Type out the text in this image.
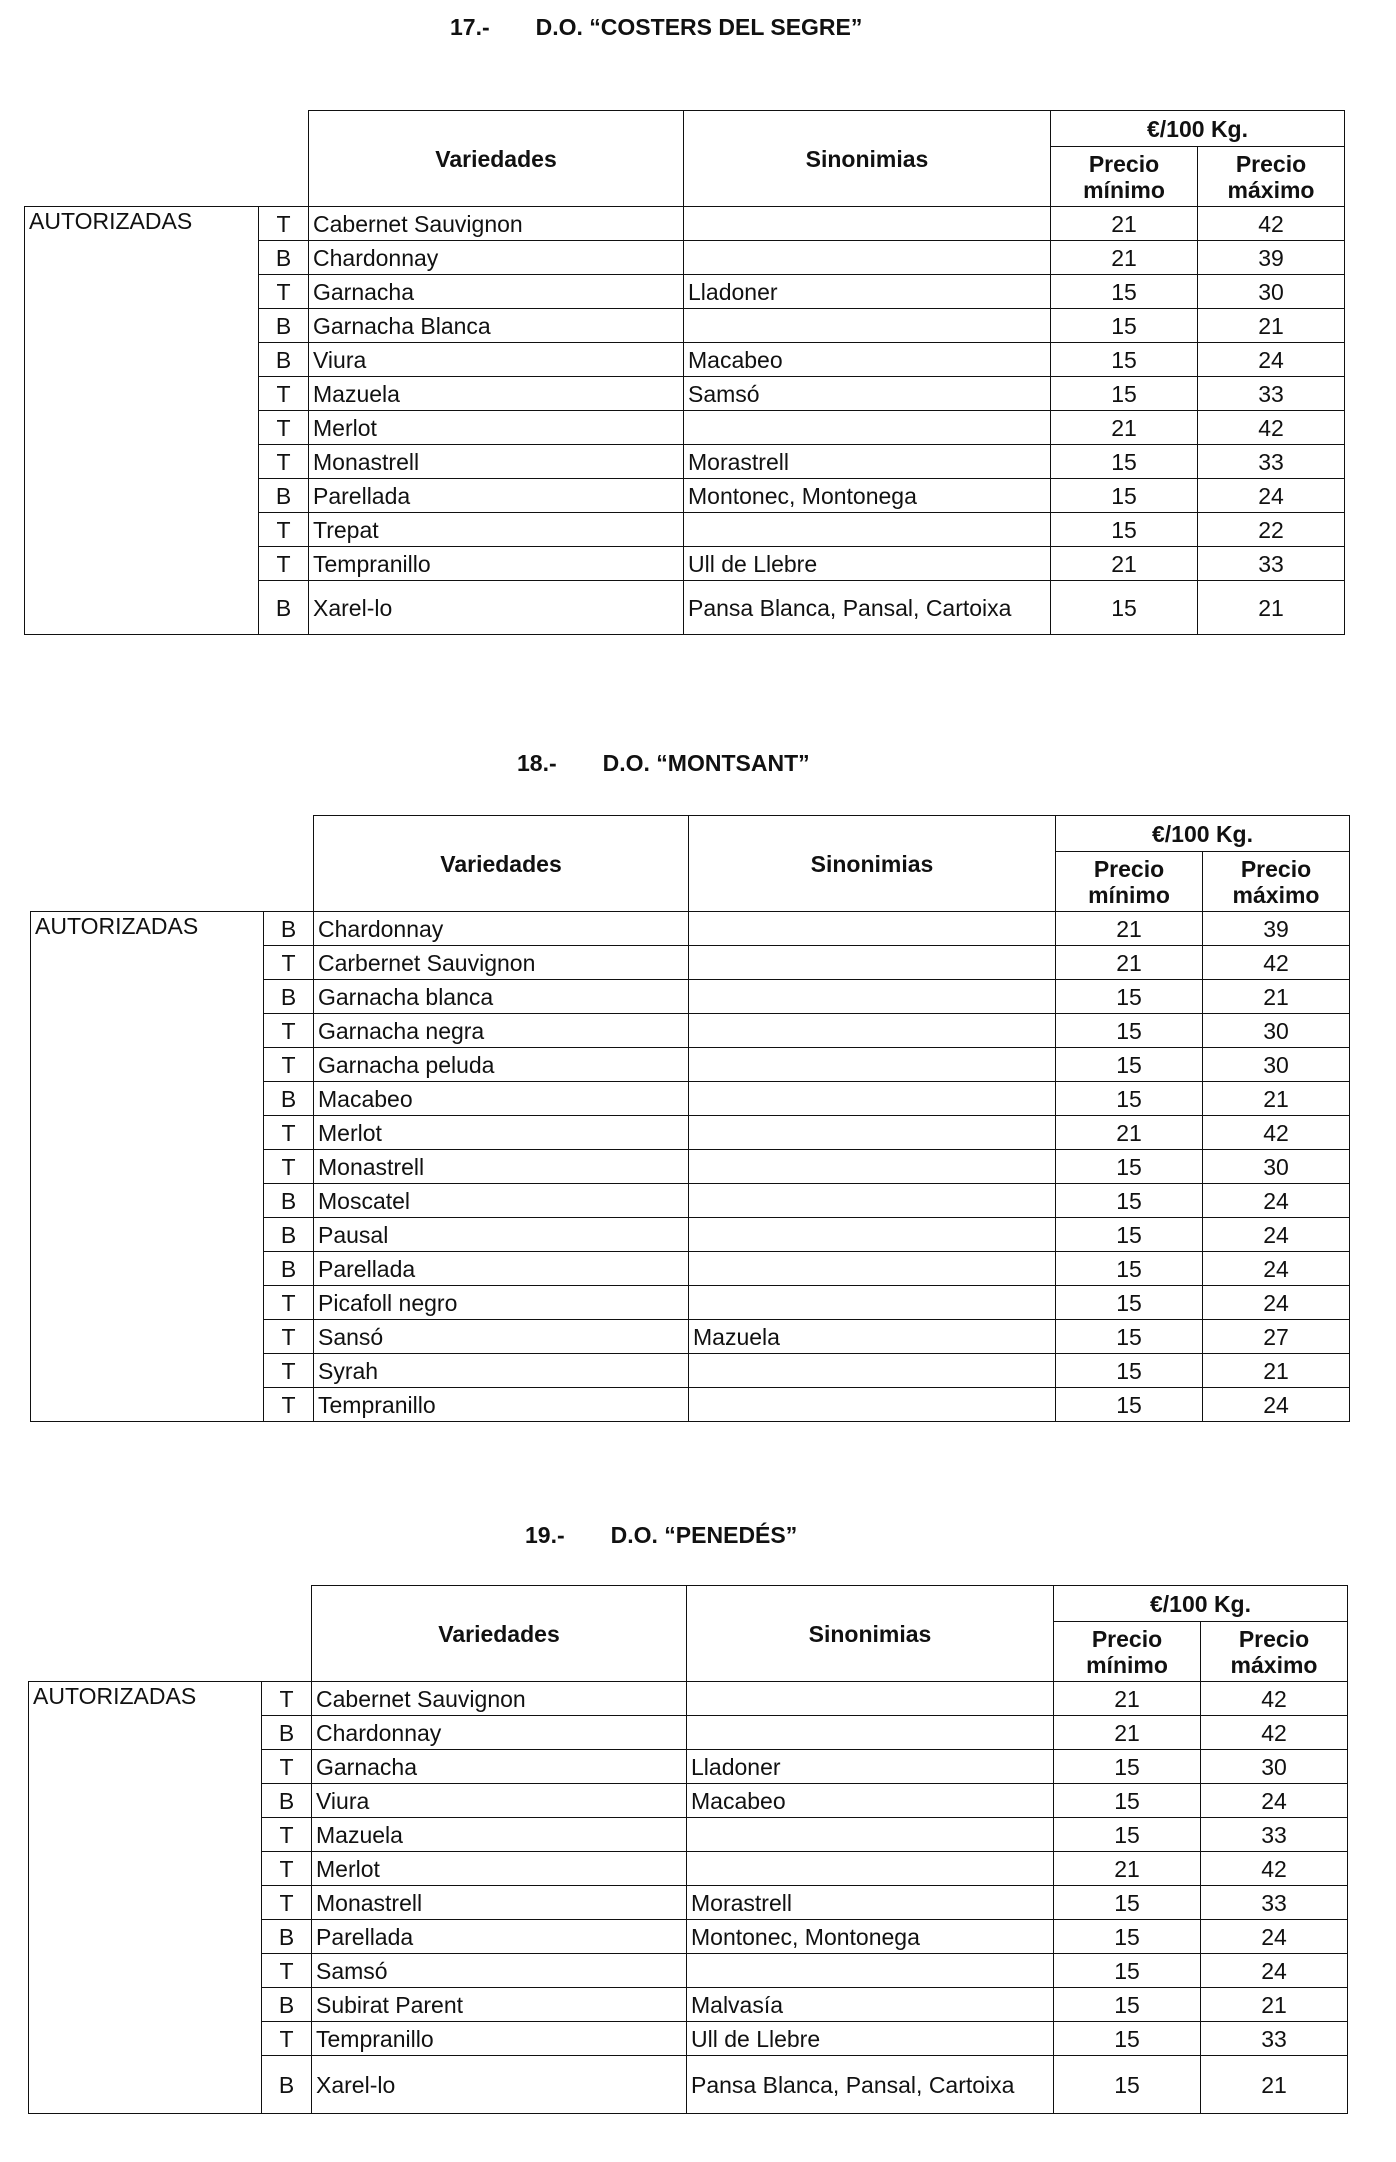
17.- D.O. “COSTERS DEL SEGRE”
		Variedades	Sinonimias	€/100 Kg.	
				Precio mínimo	Precio máximo
AUTORIZADAS	T	Cabernet Sauvignon		21	42
	B	Chardonnay		21	39
	T	Garnacha	Lladoner	15	30
	B	Garnacha Blanca		15	21
	B	Viura	Macabeo	15	24
	T	Mazuela	Samsó	15	33
	T	Merlot		21	42
	T	Monastrell	Morastrell	15	33
	B	Parellada	Montonec, Montonega	15	24
	T	Trepat		15	22
	T	Tempranillo	Ull de Llebre	21	33
	B	Xarel-lo	Pansa Blanca, Pansal, Cartoixa	15	21
18.- D.O. “MONTSANT”
		Variedades	Sinonimias	€/100 Kg.	
				Precio mínimo	Precio máximo
AUTORIZADAS	B	Chardonnay		21	39
	T	Carbernet Sauvignon		21	42
	B	Garnacha blanca		15	21
	T	Garnacha negra		15	30
	T	Garnacha peluda		15	30
	B	Macabeo		15	21
	T	Merlot		21	42
	T	Monastrell		15	30
	B	Moscatel		15	24
	B	Pausal		15	24
	B	Parellada		15	24
	T	Picafoll negro		15	24
	T	Sansó	Mazuela	15	27
	T	Syrah		15	21
	T	Tempranillo		15	24
19.- D.O. “PENEDÉS”
		Variedades	Sinonimias	€/100 Kg.	
				Precio mínimo	Precio máximo
AUTORIZADAS	T	Cabernet Sauvignon		21	42
	B	Chardonnay		21	42
	T	Garnacha	Lladoner	15	30
	B	Viura	Macabeo	15	24
	T	Mazuela		15	33
	T	Merlot		21	42
	T	Monastrell	Morastrell	15	33
	B	Parellada	Montonec, Montonega	15	24
	T	Samsó		15	24
	B	Subirat Parent	Malvasía	15	21
	T	Tempranillo	Ull de Llebre	15	33
	B	Xarel-lo	Pansa Blanca, Pansal, Cartoixa	15	21
